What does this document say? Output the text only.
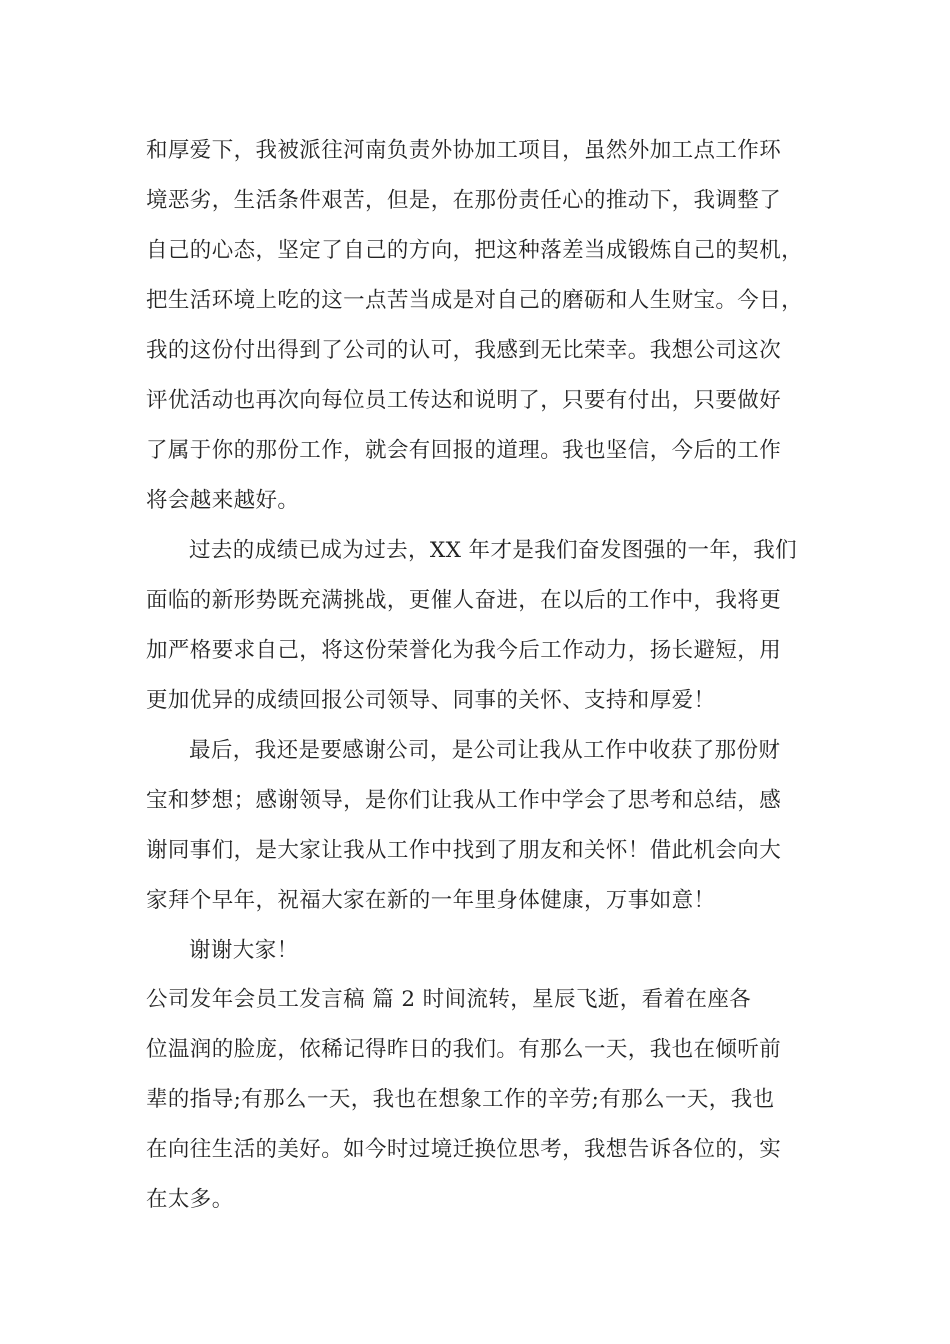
和厚爱下，我被派往河南负责外协加工项目，虽然外加工点工作环
境恶劣，生活条件艰苦，但是，在那份责任心的推动下，我调整了
自己的心态，坚定了自己的方向，把这种落差当成锻炼自己的契机，
把生活环境上吃的这一点苦当成是对自己的磨砺和人生财宝。今日，
我的这份付出得到了公司的认可，我感到无比荣幸。我想公司这次
评优活动也再次向每位员工传达和说明了，只要有付出，只要做好
了属于你的那份工作，就会有回报的道理。我也坚信，今后的工作
将会越来越好。
过去的成绩已成为过去，XX 年才是我们奋发图强的一年，我们
面临的新形势既充满挑战，更催人奋进，在以后的工作中，我将更
加严格要求自己，将这份荣誉化为我今后工作动力，扬长避短，用
更加优异的成绩回报公司领导、同事的关怀、支持和厚爱！
最后，我还是要感谢公司，是公司让我从工作中收获了那份财
宝和梦想；感谢领导，是你们让我从工作中学会了思考和总结，感
谢同事们，是大家让我从工作中找到了朋友和关怀！借此机会向大
家拜个早年，祝福大家在新的一年里身体健康，万事如意！
谢谢大家！
公司发年会员工发言稿 篇 2 时间流转，星辰飞逝，看着在座各
位温润的脸庞，依稀记得昨日的我们。有那么一天，我也在倾听前
辈的指导;有那么一天，我也在想象工作的辛劳;有那么一天，我也
在向往生活的美好。如今时过境迁换位思考，我想告诉各位的，实
在太多。
